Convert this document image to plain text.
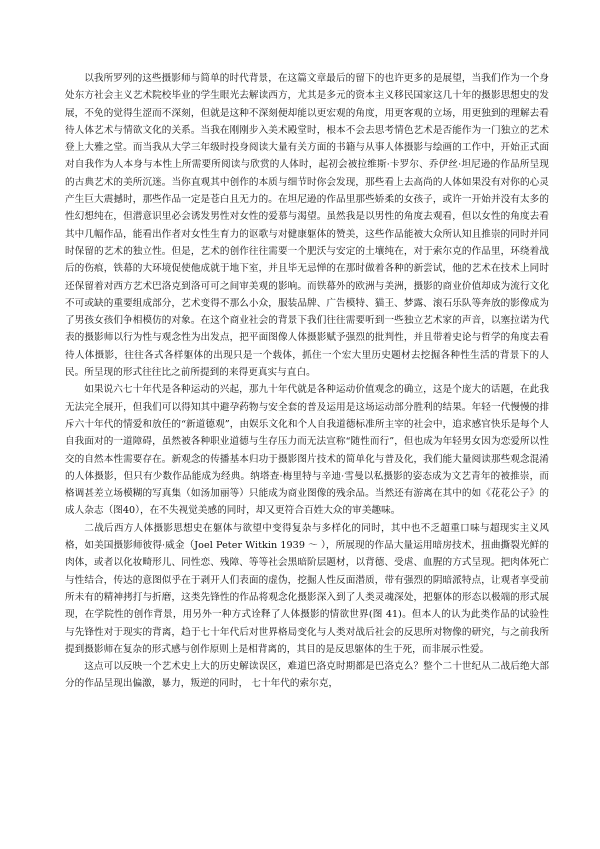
以我所罗列的这些摄影师与简单的时代背景，在这篇文章最后的留下的也许更多的是展望，当我们作为一个身处东方社会主义艺术院校毕业的学生眼光去解读西方，尤其是多元的资本主义移民国家这几十年的摄影思想史的发展，不免的觉得生涩而不深刻，但就是这种不深刻便却能以更宏观的角度，用更客观的立场，用更独到的理解去看待人体艺术与情欲文化的关系。当我在刚刚步入美术殿堂时，根本不会去思考情色艺术是否能作为一门独立的艺术登上大雅之堂。而当我从大学三年级时投身阅读大量有关方面的书籍与从事人体摄影与绘画的工作中，开始正式面对自我作为人本身与本性上所需要所阅读与欣赏的人体时，起初会被拉维斯·卡罗尔、乔伊丝·坦尼逊的作品所呈现的古典艺术的美所沉迷。当你直观其中创作的本质与细节时你会发现，那些看上去高尚的人体如果没有对你的心灵产生巨大震撼时，那些作品一定是苍白且无力的。在坦尼逊的作品里那些娇柔的女孩子，或许一开始并没有太多的性幻想纯在，但潜意识里必会诱发男性对女性的爱慕与渴望。虽然我是以男性的角度去观看，但以女性的角度去看其中几幅作品，能看出作者对女性生育力的讴歌与对健康躯体的赞美，这些作品能被大众所认知且推崇的同时并同时保留的艺术的独立性。但是，艺术的创作往往需要一个肥沃与安定的土壤纯在，对于索尔克的作品里，环绕着战后的伤痕，铁幕的大环境促使他成就于地下室，并且毕无忌惮的在那时做着各种的新尝试，他的艺术在技术上同时还保留着对西方艺术巴洛克到洛可可之间审美观的影响。而铁幕外的欧洲与美洲，摄影的商业价值却成为流行文化不可或缺的重要组成部分，艺术变得不那么小众，服装品牌、广告模特、猫王、梦露、滚石乐队等奔放的影像成为了男孩女孩们争相模仿的对象。在这个商业社会的背景下我们往往需要听到一些独立艺术家的声音，以塞拉诺为代表的摄影师以行为性与观念性为出发点，把平面图像人体摄影赋予强烈的批判性，并且带着史论与哲学的角度去看待人体摄影，往往各式各样躯体的出现只是一个载体，抓住一个宏大里历史题材去挖掘各种性生活的背景下的人民。所呈现的形式往往比之前所提到的来得更真实与直白。

如果说六七十年代是各种运动的兴起，那九十年代就是各种运动价值观念的确立，这是个庞大的话题，在此我无法完全展开，但我们可以得知其中避孕药物与安全套的普及运用是这场运动部分胜利的结果。年轻一代慢慢的排斥六十年代的情爱和放任的“新道德观”，由娱乐文化和个人自我道德标准所主宰的社会中，追求感官快乐是每个人自我面对的一道障碍，虽然被各种职业道德与生存压力而无法宣称“随性而行”，但也成为年轻男女因为恋爱所以性交的自然本性需要存在。新观念的传播基本归功于摄影图片技术的简单化与普及化，我们能大量阅读那些观念混淆的人体摄影，但只有少数作品能成为经典。纳塔查·梅里特与辛迪·雪曼以私摄影的姿态成为文艺青年的被推崇，而格调甚差立场模糊的写真集（如汤加丽等）只能成为商业图像的残余品。当然还有游离在其中的如《花花公子》的成人杂志（图40），在不失视觉美感的同时，却又更符合百姓大众的审美趣味。

二战后西方人体摄影思想史在躯体与欲望中变得复杂与多样化的同时，其中也不乏超重口味与超现实主义风格，如美国摄影师彼得·威金（Joel Peter Witkin 1939 ～ ），所展现的作品大量运用暗房技术，扭曲撕裂光鲜的肉体，或者以化妆畸形儿、同性恋、残障、等等社会黑暗阶层题材，以背德、受虐、血腥的方式呈现。把肉体死亡与性结合，传达的意图似乎在于剥开人们表面的虚伪，挖掘人性反面潜质，带有强烈的阴暗派特点，让观者享受前所未有的精神拷打与折磨，这类先锋性的作品将观念化摄影深入到了人类灵魂深处，把躯体的形态以极端的形式展现，在学院性的创作背景，用另外一种方式诠释了人体摄影的情欲世界(图 41)。但本人的认为此类作品的试验性与先锋性对于现实的背离，趋于七十年代后对世界格局变化与人类对战后社会的反思所对物像的研究，与之前我所提到摄影师在复杂的形式感与创作原则上是相背离的，其目的是反思躯体的生于死，而非展示性爱。

这点可以反映一个艺术史上大的历史解读误区，难道巴洛克时期都是巴洛克么？整个二十世纪从二战后绝大部分的作品呈现出偏激，暴力，叛逆的同时， 七十年代的索尔克，
